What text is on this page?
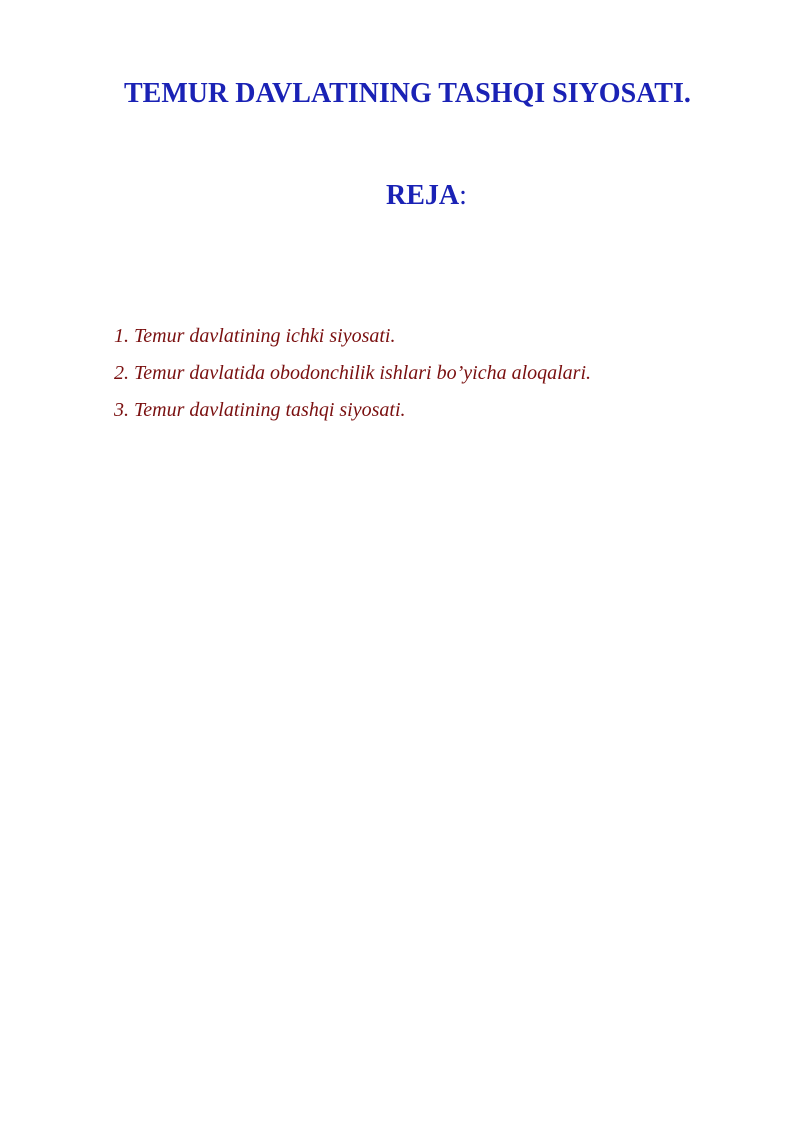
TEMUR DAVLATINING TASHQI SIYOSATI.
REJA:
1. Temur davlatining ichki siyosati.
2. Temur davlatida obodonchilik ishlari bo’yicha aloqalari.
3. Temur davlatining tashqi siyosati.
